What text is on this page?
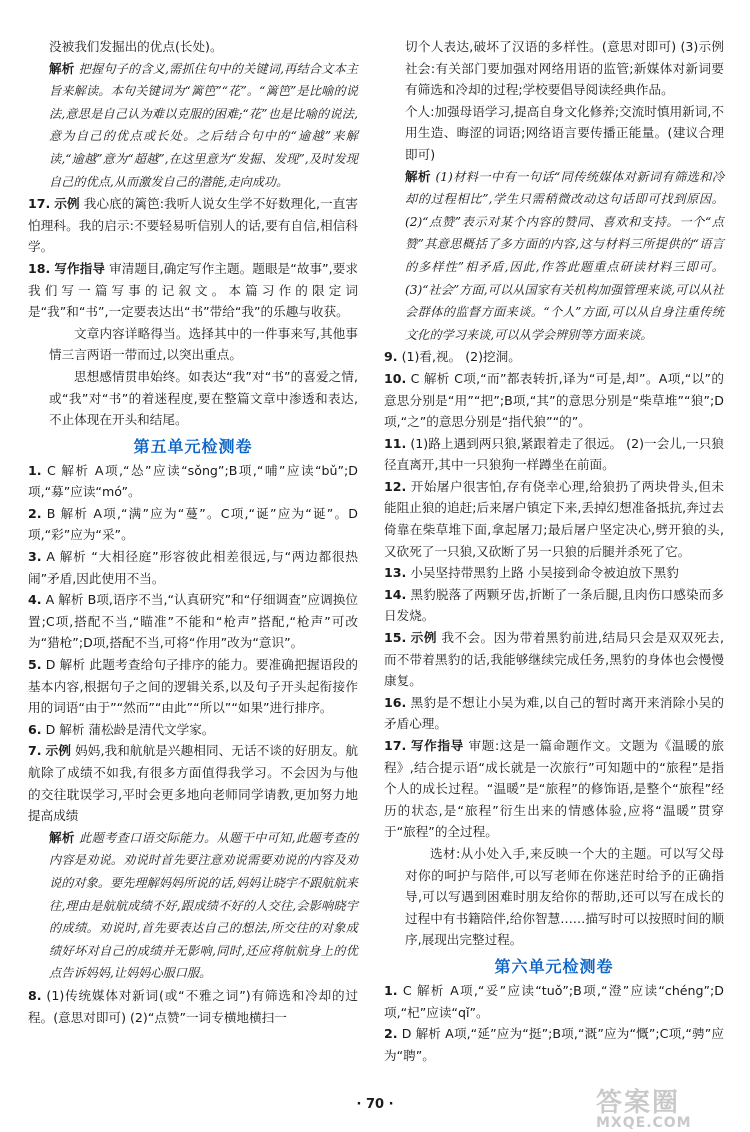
没被我们发掘出的优点(长处)。

解析 把握句子的含义,需抓住句中的关键词,再结合文本主旨来解读。本句关键词为“篱笆”“花”。“篱笆”是比喻的说法,意思是自己认为难以克服的困难;“花”也是比喻的说法,意为自己的优点或长处。之后结合句中的“逾越”来解读,“逾越”意为“超越”,在这里意为“发掘、发现”,及时发现自己的优点,从而激发自己的潜能,走向成功。

17. 示例 我心底的篱笆:我听人说女生学不好数理化,一直害怕理科。我的启示:不要轻易听信别人的话,要有自信,相信科学。

18. 写作指导 审清题目,确定写作主题。题眼是“故事”,要求我们写一篇写事的记叙文。本篇习作的限定词是“我”和“书”,一定要表达出“书”带给“我”的乐趣与收获。

文章内容详略得当。选择其中的一件事来写,其他事情三言两语一带而过,以突出重点。

思想感情贯串始终。如表达“我”对“书”的喜爱之情,或“我”对“书”的着迷程度,要在整篇文章中渗透和表达,不止体现在开头和结尾。

第五单元检测卷

1. C 解析 A项,“怂”应读“sǒng”;B项,“哺”应读“bǔ”;D项,“募”应读“mó”。

2. B 解析 A项,“满”应为“蔓”。C项,“诞”应为“诞”。D项,“彩”应为“采”。

3. A 解析 “大相径庭”形容彼此相差很远,与“两边都很热闹”矛盾,因此使用不当。

4. A 解析 B项,语序不当,“认真研究”和“仔细调查”应调换位置;C项,搭配不当,“瞄准”不能和“枪声”搭配,“枪声”可改为“猎枪”;D项,搭配不当,可将“作用”改为“意识”。

5. D 解析 此题考查给句子排序的能力。要准确把握语段的基本内容,根据句子之间的逻辑关系,以及句子开头起衔接作用的词语“由于”“然而”“由此”“所以”“如果”进行排序。

6. D 解析 蒲松龄是清代文学家。

7. 示例 妈妈,我和航航是兴趣相同、无话不谈的好朋友。航航除了成绩不如我,有很多方面值得我学习。不会因为与他的交往耽误学习,平时会更多地向老师同学请教,更加努力地提高成绩

解析 此题考查口语交际能力。从题干中可知,此题考查的内容是劝说。劝说时首先要注意劝说需要劝说的内容及劝说的对象。要先理解妈妈所说的话,妈妈让晓宇不跟航航来往,理由是航航成绩不好,跟成绩不好的人交往,会影响晓宇的成绩。劝说时,首先要表达自己的想法,所交往的对象成绩好坏对自己的成绩并无影响,同时,还应将航航身上的优点告诉妈妈,让妈妈心服口服。

8. (1)传统媒体对新词(或“不雅之词”)有筛选和冷却的过程。(意思对即可) (2)“点赞”一词专横地横扫一

切个人表达,破坏了汉语的多样性。(意思对即可) (3)示例 社会:有关部门要加强对网络用语的监管;新媒体对新词要有筛选和冷却的过程;学校要倡导阅读经典作品。

个人:加强母语学习,提高自身文化修养;交流时慎用新词,不用生造、晦涩的词语;网络语言要传播正能量。(建议合理即可)

解析 (1)材料一中有一句话“同传统媒体对新词有筛选和冷却的过程相比”,学生只需稍微改动这句话即可找到原因。(2)“点赞”表示对某个内容的赞同、喜欢和支持。一个“点赞”其意思概括了多方面的内容,这与材料三所提供的“语言的多样性”相矛盾,因此,作答此题重点研读材料三即可。(3)“社会”方面,可以从国家有关机构加强管理来谈,可以从社会群体的监督方面来谈。“个人”方面,可以从自身注重传统文化的学习来谈,可以从学会辨别等方面来谈。

9. (1)看,视。 (2)挖洞。

10. C 解析 C项,“而”都表转折,译为“可是,却”。A项,“以”的意思分别是“用”“把”;B项,“其”的意思分别是“柴草堆”“狼”;D项,“之”的意思分别是“指代狼”“的”。

11. (1)路上遇到两只狼,紧跟着走了很远。 (2)一会儿,一只狼径直离开,其中一只狼狗一样蹲坐在前面。

12. 开始屠户很害怕,存有侥幸心理,给狼扔了两块骨头,但未能阻止狼的追赶;后来屠户镇定下来,丢掉幻想准备抵抗,奔过去倚靠在柴草堆下面,拿起屠刀;最后屠户坚定决心,劈开狼的头,又砍死了一只狼,又砍断了另一只狼的后腿并杀死了它。

13. 小吴坚持带黑豹上路 小吴接到命令被迫放下黑豹

14. 黑豹脱落了两颗牙齿,折断了一条后腿,且肉伤口感染而多日发烧。

15. 示例 我不会。因为带着黑豹前进,结局只会是双双死去,而不带着黑豹的话,我能够继续完成任务,黑豹的身体也会慢慢康复。

16. 黑豹是不想让小吴为难,以自己的暂时离开来消除小吴的矛盾心理。

17. 写作指导 审题:这是一篇命题作文。文题为《温暖的旅程》,结合提示语“成长就是一次旅行”可知题中的“旅程”是指个人的成长过程。“温暖”是“旅程”的修饰语,是整个“旅程”经历的状态,是“旅程”衍生出来的情感体验,应将“温暖”贯穿于“旅程”的全过程。

选材:从小处入手,来反映一个大的主题。可以写父母对你的呵护与陪伴,可以写老师在你迷茫时给予的正确指导,可以写遇到困难时朋友给你的帮助,还可以写在成长的过程中有书籍陪伴,给你智慧……描写时可以按照时间的顺序,展现出完整过程。

第六单元检测卷

1. C 解析 A项,“妥”应读“tuǒ”;B项,“澄”应读“chéng”;D项,“杞”应读“qǐ”。

2. D 解析 A项,“延”应为“挺”;B项,“溉”应为“慨”;C项,“骋”应为“聘”。

· 70 ·	答案圈
MXQE.COM
